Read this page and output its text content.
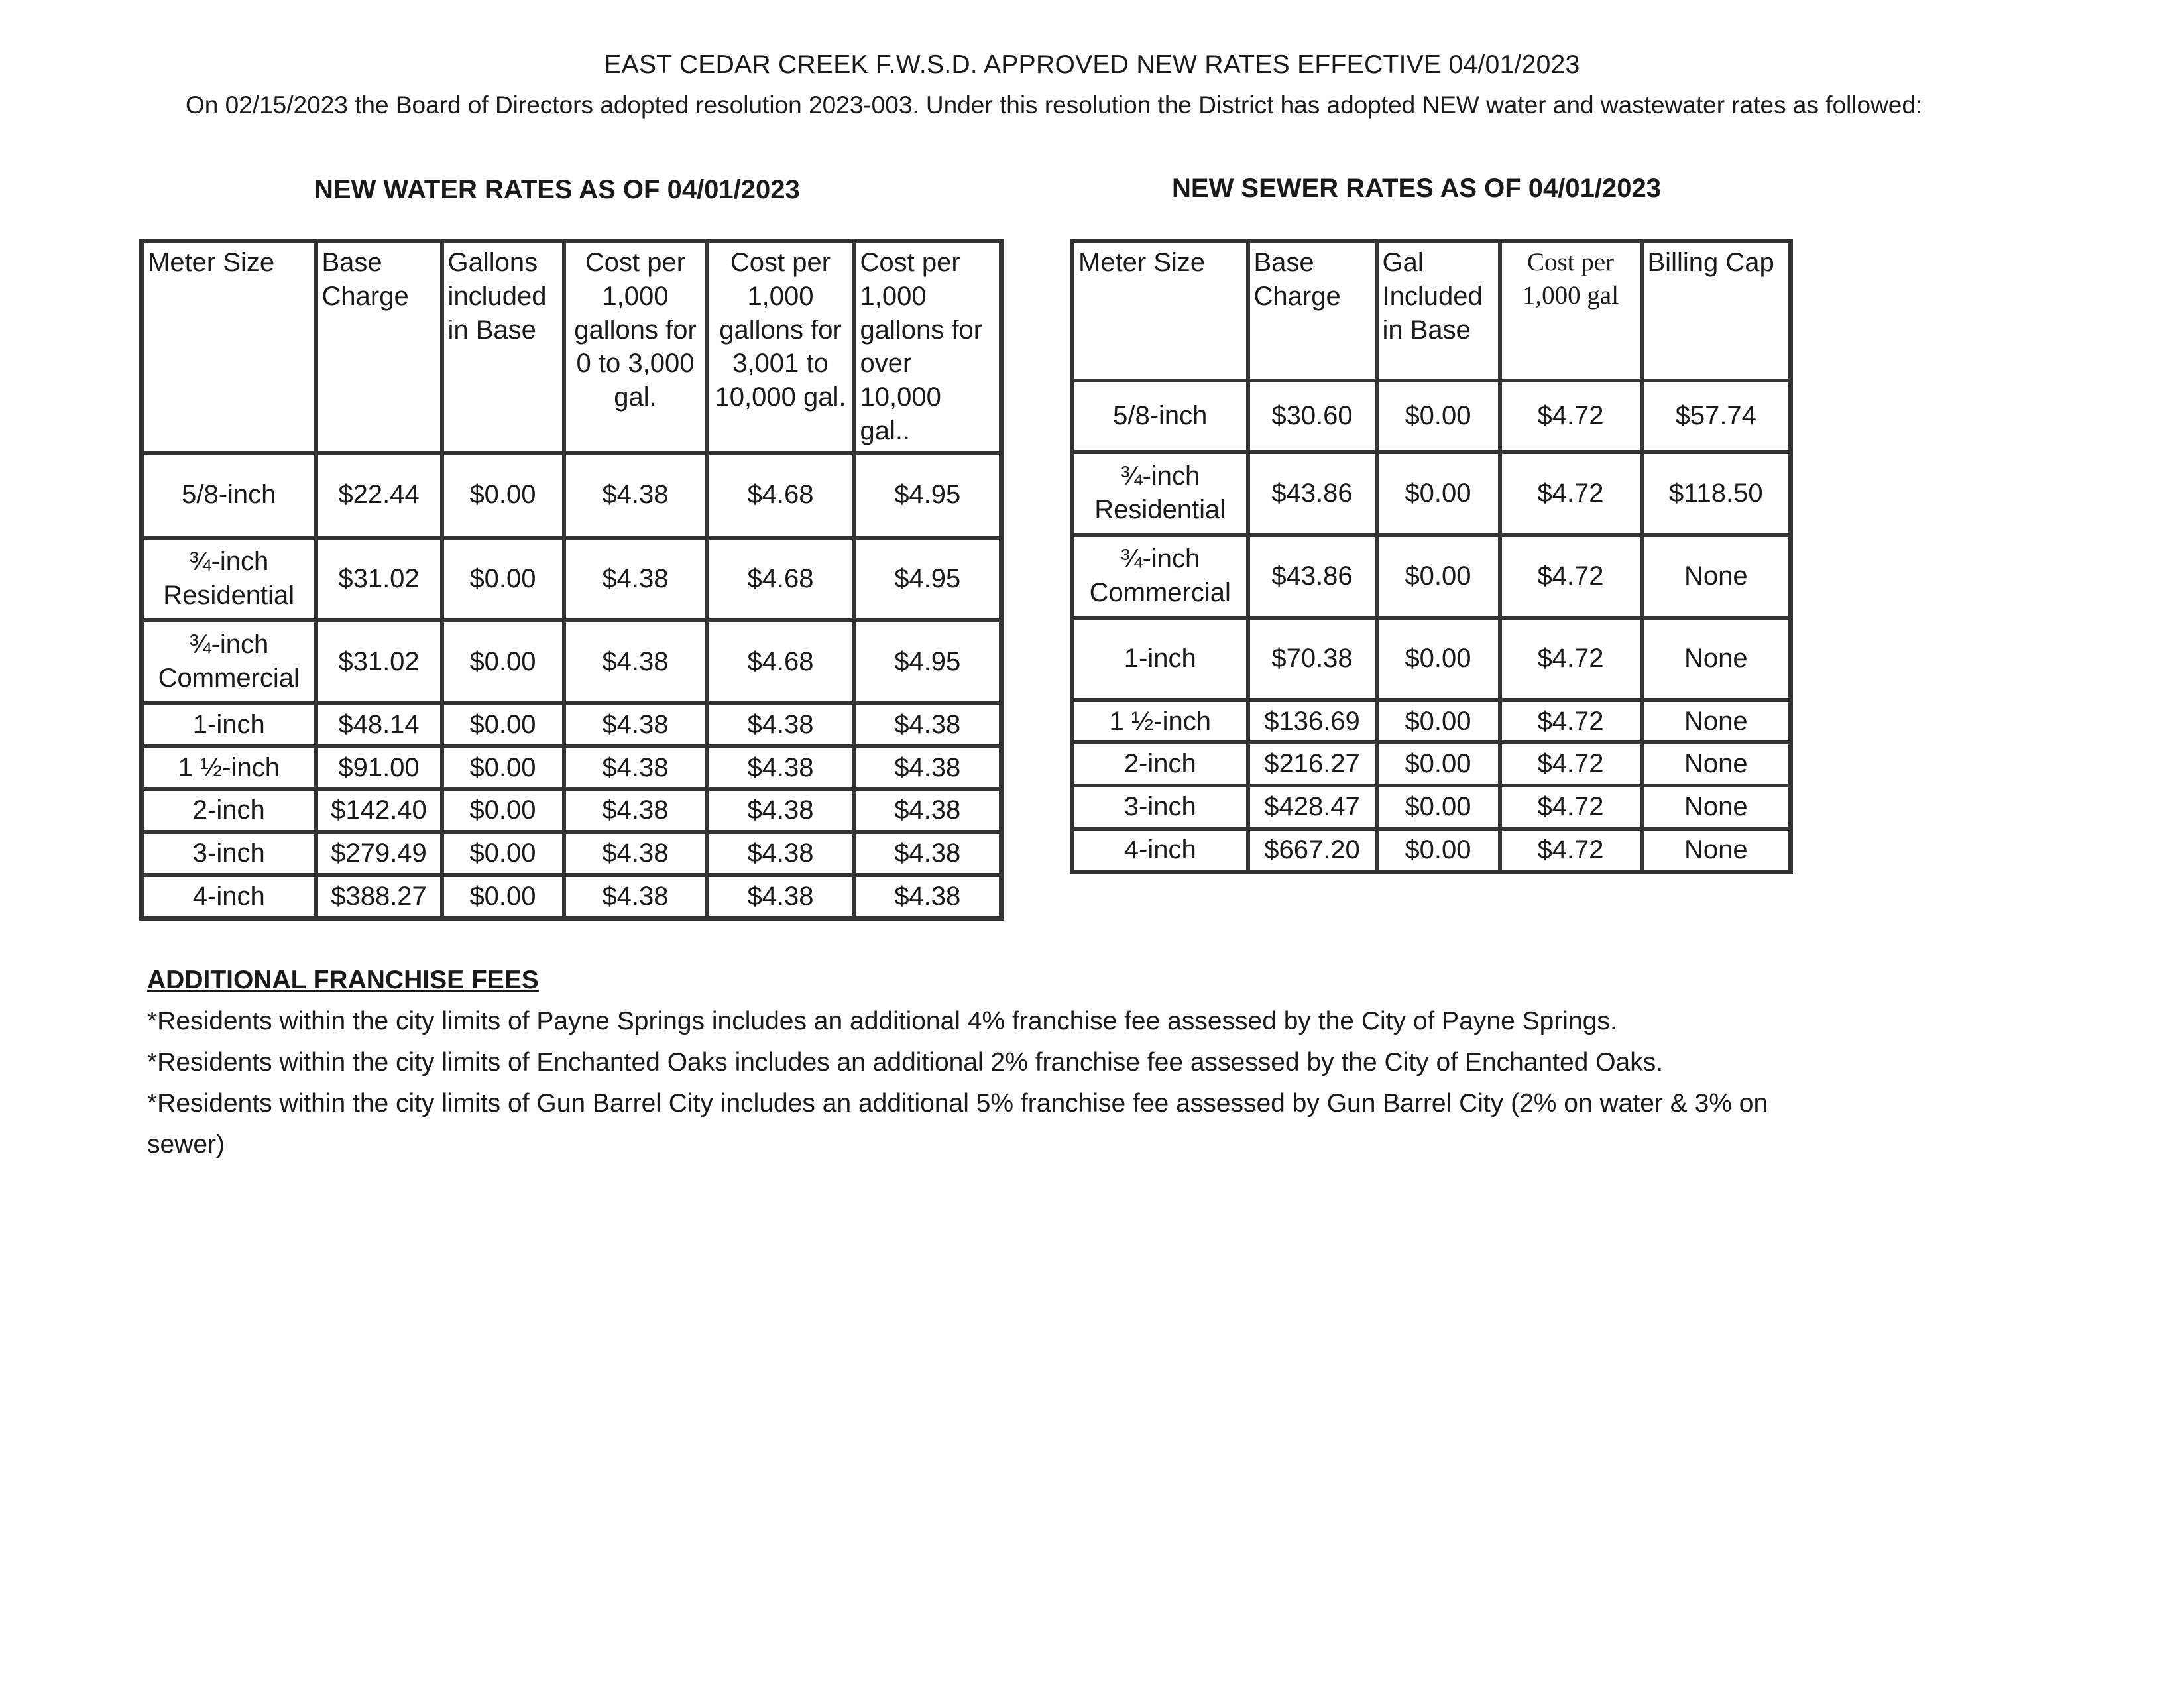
EAST CEDAR CREEK F.W.S.D. APPROVED NEW RATES EFFECTIVE 04/01/2023
On 02/15/2023 the Board of Directors adopted resolution 2023-003. Under this resolution the District has adopted NEW water and wastewater rates as followed:
NEW WATER RATES AS OF 04/01/2023	NEW SEWER RATES AS OF 04/01/2023
Meter Size	Base Charge	Gallons included in Base	Cost per 1,000 gallons for 0 to 3,000 gal.	Cost per 1,000 gallons for 3,001 to 10,000 gal.	Cost per 1,000 gallons for over 10,000 gal..
5/8-inch	$22.44	$0.00	$4.38	$4.68	$4.95
¾-inch Residential	$31.02	$0.00	$4.38	$4.68	$4.95
¾-inch Commercial	$31.02	$0.00	$4.38	$4.68	$4.95
1-inch	$48.14	$0.00	$4.38	$4.38	$4.38
1 ½-inch	$91.00	$0.00	$4.38	$4.38	$4.38
2-inch	$142.40	$0.00	$4.38	$4.38	$4.38
3-inch	$279.49	$0.00	$4.38	$4.38	$4.38
4-inch	$388.27	$0.00	$4.38	$4.38	$4.38
Meter Size	Base Charge	Gal Included in Base	Cost per 1,000 gal	Billing Cap
5/8-inch	$30.60	$0.00	$4.72	$57.74
¾-inch Residential	$43.86	$0.00	$4.72	$118.50
¾-inch Commercial	$43.86	$0.00	$4.72	None
1-inch	$70.38	$0.00	$4.72	None
1 ½-inch	$136.69	$0.00	$4.72	None
2-inch	$216.27	$0.00	$4.72	None
3-inch	$428.47	$0.00	$4.72	None
4-inch	$667.20	$0.00	$4.72	None
ADDITIONAL FRANCHISE FEES

*Residents within the city limits of Payne Springs includes an additional 4% franchise fee assessed by the City of Payne Springs.

*Residents within the city limits of Enchanted Oaks includes an additional 2% franchise fee assessed by the City of Enchanted Oaks.

*Residents within the city limits of Gun Barrel City includes an additional 5% franchise fee assessed by Gun Barrel City (2% on water & 3% on sewer)
